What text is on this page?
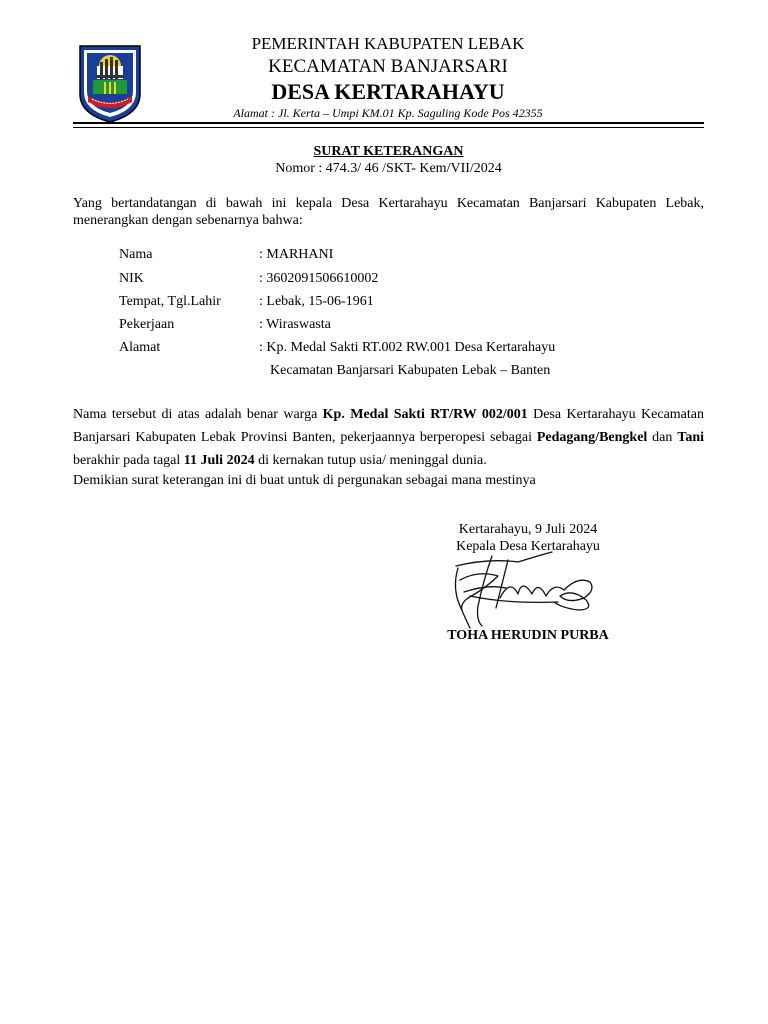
PEMERINTAH KABUPATEN LEBAK
KECAMATAN BANJARSARI
DESA KERTARAHAYU
Alamat : Jl. Kerta – Umpi KM.01 Kp. Saguling Kode Pos 42355
SURAT KETERANGAN
Nomor : 474.3/ 46 /SKT- Kem/VII/2024
Yang bertandatangan di bawah ini kepala Desa Kertarahayu Kecamatan Banjarsari Kabupaten Lebak, menerangkan dengan sebenarnya bahwa:
Nama	: MARHANI
NIK	: 3602091506610002
Tempat, Tgl.Lahir	: Lebak, 15-06-1961
Pekerjaan	: Wiraswasta
Alamat	: Kp. Medal Sakti RT.002 RW.001 Desa Kertarahayu
Kecamatan Banjarsari Kabupaten Lebak – Banten
Nama tersebut di atas adalah benar warga Kp. Medal Sakti RT/RW 002/001 Desa Kertarahayu Kecamatan Banjarsari Kabupaten Lebak Provinsi Banten, pekerjaannya berperopesi sebagai Pedagang/Bengkel dan Tani berakhir pada tagal 11 Juli 2024 di kernakan tutup usia/ meninggal dunia.
Demikian surat keterangan ini di buat untuk di pergunakan sebagai mana mestinya
Kertarahayu, 9 Juli 2024
Kepala Desa Kertarahayu
TOHA HERUDIN PURBA
